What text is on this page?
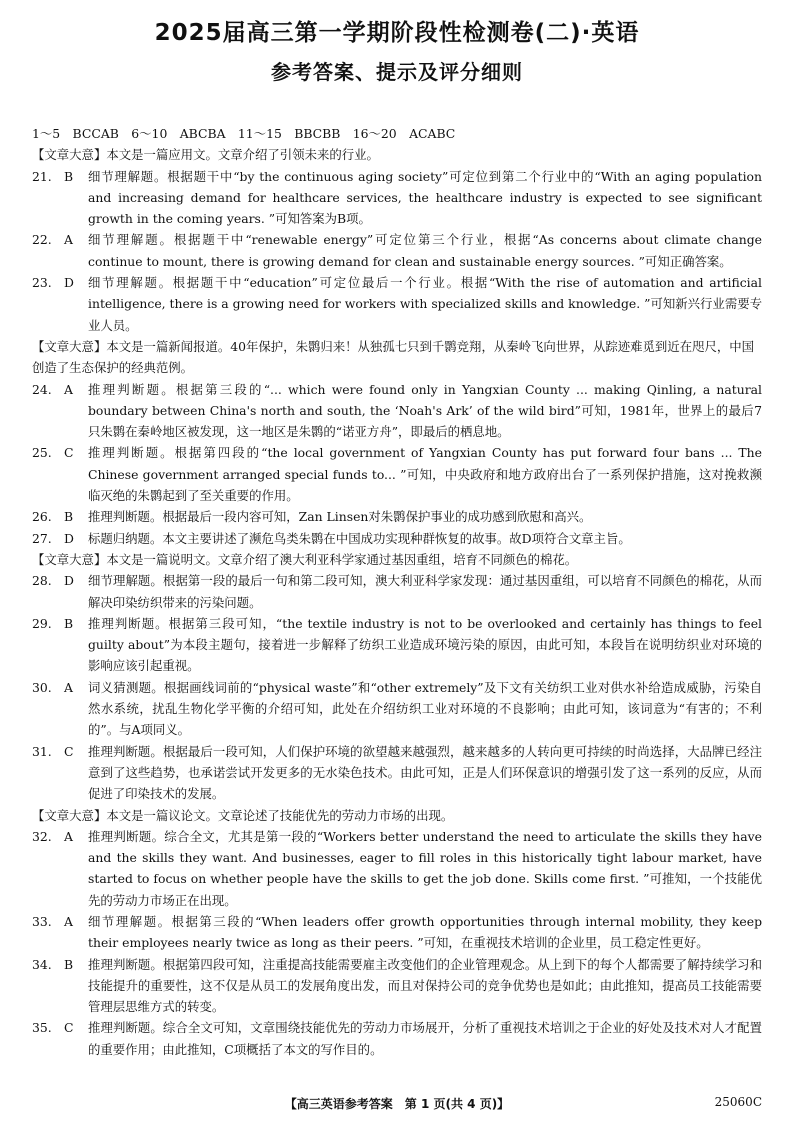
2025届高三第一学期阶段性检测卷(二)·英语
参考答案、提示及评分细则
1～5　BCCAB　6～10　ABCBA　11～15　BBCBB　16～20　ACABC
【文章大意】本文是一篇应用文。文章介绍了引领未来的行业。
21. B	细节理解题。根据题干中“by the continuous aging society”可定位到第二个行业中的“With an aging population and increasing demand for healthcare services, the healthcare industry is expected to see significant growth in the coming years. ”可知答案为B项。
22. A	细节理解题。根据题干中“renewable energy”可定位第三个行业，根据“As concerns about climate change continue to mount, there is growing demand for clean and sustainable energy sources. ”可知正确答案。
23. D	细节理解题。根据题干中“education”可定位最后一个行业。根据“With the rise of automation and artificial intelligence, there is a growing need for workers with specialized skills and knowledge. ”可知新兴行业需要专业人员。
【文章大意】本文是一篇新闻报道。40年保护，朱鹮归来！从独孤七只到千鹮竞翔，从秦岭飞向世界，从踪迹难觅到近在咫尺，中国创造了生态保护的经典范例。
24. A	推理判断题。根据第三段的“... which were found only in Yangxian County ... making Qinling, a natural boundary between China's north and south, the ‘Noah's Ark’ of the wild bird”可知，1981年，世界上的最后7只朱鹮在秦岭地区被发现，这一地区是朱鹮的“诺亚方舟”，即最后的栖息地。
25. C	推理判断题。根据第四段的“the local government of Yangxian County has put forward four bans ... The Chinese government arranged special funds to... ”可知，中央政府和地方政府出台了一系列保护措施，这对挽救濒临灭绝的朱鹮起到了至关重要的作用。
26. B	推理判断题。根据最后一段内容可知，Zan Linsen对朱鹮保护事业的成功感到欣慰和高兴。
27. D	标题归纳题。本文主要讲述了濒危鸟类朱鹮在中国成功实现种群恢复的故事。故D项符合文章主旨。
【文章大意】本文是一篇说明文。文章介绍了澳大利亚科学家通过基因重组，培育不同颜色的棉花。
28. D	细节理解题。根据第一段的最后一句和第二段可知，澳大利亚科学家发现：通过基因重组，可以培育不同颜色的棉花，从而解决印染纺织带来的污染问题。
29. B	推理判断题。根据第三段可知，“the textile industry is not to be overlooked and certainly has things to feel guilty about”为本段主题句，接着进一步解释了纺织工业造成环境污染的原因，由此可知，本段旨在说明纺织业对环境的影响应该引起重视。
30. A	词义猜测题。根据画线词前的“physical waste”和“other extremely”及下文有关纺织工业对供水补给造成威胁，污染自然水系统，扰乱生物化学平衡的介绍可知，此处在介绍纺织工业对环境的不良影响；由此可知，该词意为“有害的；不利的”。与A项同义。
31. C	推理判断题。根据最后一段可知，人们保护环境的欲望越来越强烈，越来越多的人转向更可持续的时尚选择，大品牌已经注意到了这些趋势，也承诺尝试开发更多的无水染色技术。由此可知，正是人们环保意识的增强引发了这一系列的反应，从而促进了印染技术的发展。
【文章大意】本文是一篇议论文。文章论述了技能优先的劳动力市场的出现。
32. A	推理判断题。综合全文，尤其是第一段的“Workers better understand the need to articulate the skills they have and the skills they want. And businesses, eager to fill roles in this historically tight labour market, have started to focus on whether people have the skills to get the job done. Skills come first. ”可推知，一个技能优先的劳动力市场正在出现。
33. A	细节理解题。根据第三段的“When leaders offer growth opportunities through internal mobility, they keep their employees nearly twice as long as their peers. ”可知，在重视技术培训的企业里，员工稳定性更好。
34. B	推理判断题。根据第四段可知，注重提高技能需要雇主改变他们的企业管理观念。从上到下的每个人都需要了解持续学习和技能提升的重要性，这不仅是从员工的发展角度出发，而且对保持公司的竞争优势也是如此；由此推知，提高员工技能需要管理层思维方式的转变。
35. C	推理判断题。综合全文可知，文章围绕技能优先的劳动力市场展开，分析了重视技术培训之于企业的好处及技术对人才配置的重要作用；由此推知，C项概括了本文的写作目的。
【高三英语参考答案　第 1 页(共 4 页)】	25060C
